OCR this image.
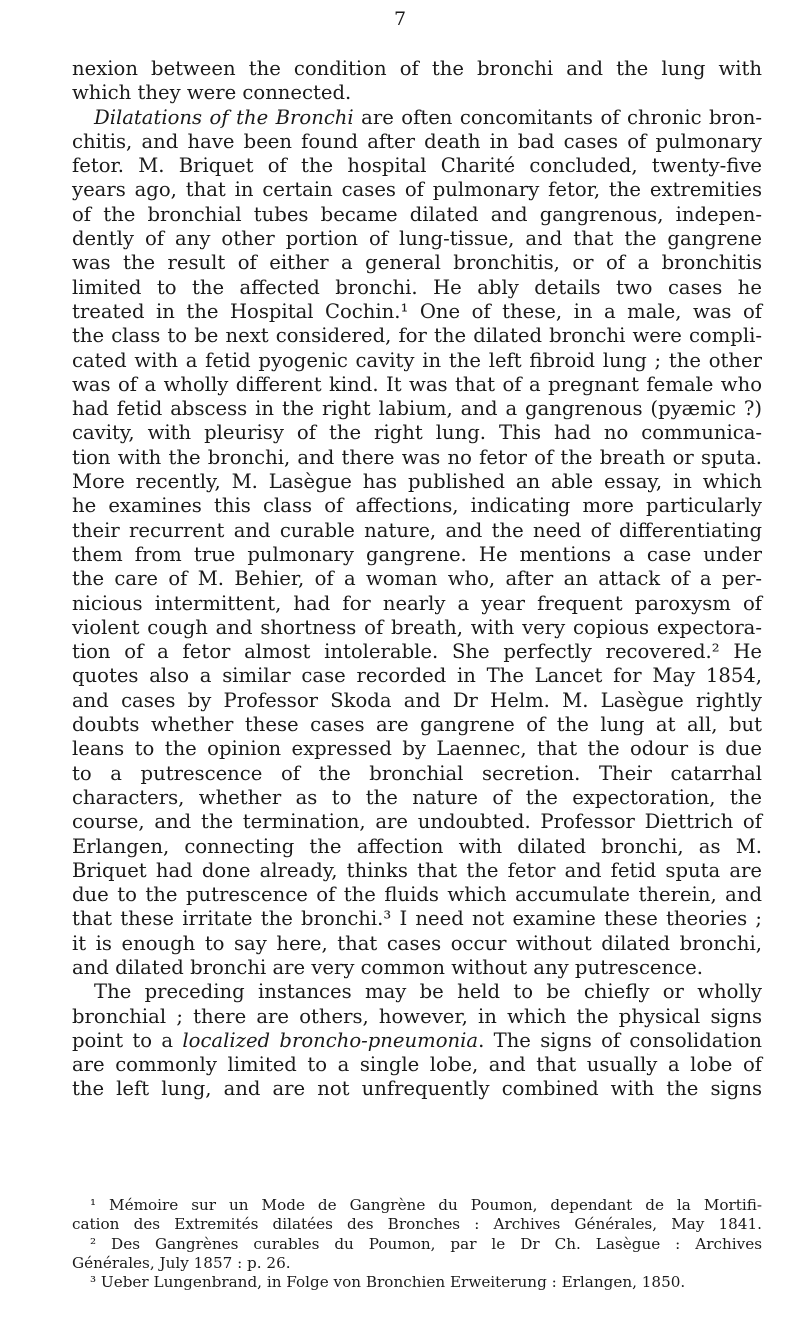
7
nexion between the condition of the bronchi and the lung with
which they were connected.
Dilatations of the Bronchi are often concomitants of chronic bron-
chitis, and have been found after death in bad cases of pulmonary
fetor. M. Briquet of the hospital Charité concluded, twenty-five
years ago, that in certain cases of pulmonary fetor, the extremities
of the bronchial tubes became dilated and gangrenous, indepen-
dently of any other portion of lung-tissue, and that the gangrene
was the result of either a general bronchitis, or of a bronchitis
limited to the affected bronchi. He ably details two cases he
treated in the Hospital Cochin.¹ One of these, in a male, was of
the class to be next considered, for the dilated bronchi were compli-
cated with a fetid pyogenic cavity in the left fibroid lung ; the other
was of a wholly different kind. It was that of a pregnant female who
had fetid abscess in the right labium, and a gangrenous (pyæmic ?)
cavity, with pleurisy of the right lung. This had no communica-
tion with the bronchi, and there was no fetor of the breath or sputa.
More recently, M. Lasègue has published an able essay, in which
he examines this class of affections, indicating more particularly
their recurrent and curable nature, and the need of differentiating
them from true pulmonary gangrene. He mentions a case under
the care of M. Behier, of a woman who, after an attack of a per-
nicious intermittent, had for nearly a year frequent paroxysm of
violent cough and shortness of breath, with very copious expectora-
tion of a fetor almost intolerable. She perfectly recovered.² He
quotes also a similar case recorded in The Lancet for May 1854,
and cases by Professor Skoda and Dr Helm. M. Lasègue rightly
doubts whether these cases are gangrene of the lung at all, but
leans to the opinion expressed by Laennec, that the odour is due
to a putrescence of the bronchial secretion. Their catarrhal
characters, whether as to the nature of the expectoration, the
course, and the termination, are undoubted. Professor Diettrich of
Erlangen, connecting the affection with dilated bronchi, as M.
Briquet had done already, thinks that the fetor and fetid sputa are
due to the putrescence of the fluids which accumulate therein, and
that these irritate the bronchi.³ I need not examine these theories ;
it is enough to say here, that cases occur without dilated bronchi,
and dilated bronchi are very common without any putrescence.
The preceding instances may be held to be chiefly or wholly
bronchial ; there are others, however, in which the physical signs
point to a localized broncho-pneumonia. The signs of consolidation
are commonly limited to a single lobe, and that usually a lobe of
the left lung, and are not unfrequently combined with the signs
¹ Mémoire sur un Mode de Gangrène du Poumon, dependant de la Mortifi-
cation des Extremités dilatées des Bronches : Archives Générales, May 1841.
² Des Gangrènes curables du Poumon, par le Dr Ch. Lasègue : Archives
Générales, July 1857 : p. 26.
³ Ueber Lungenbrand, in Folge von Bronchien Erweiterung : Erlangen, 1850.
